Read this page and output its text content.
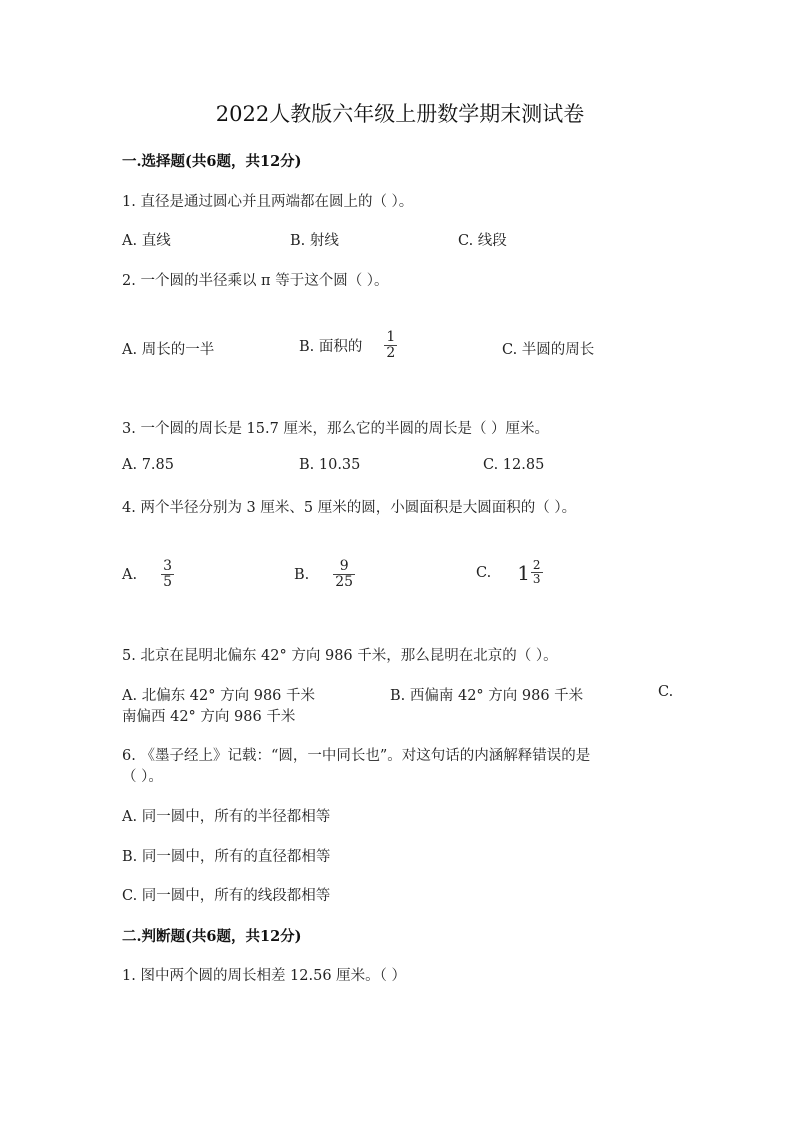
2022人教版六年级上册数学期末测试卷
一.选择题(共6题，共12分)
1. 直径是通过圆心并且两端都在圆上的（ ）。
A. 直线	B. 射线	C. 线段
2. 一个圆的半径乘以 π 等于这个圆（ ）。
A. 周长的一半	B. 面积的 $\frac{1}{2}$	C. 半圆的周长
3. 一个圆的周长是 15.7 厘米，那么它的半圆的周长是（ ）厘米。
A. 7.85	B. 10.35	C. 12.85
4. 两个半径分别为 3 厘米、5 厘米的圆，小圆面积是大圆面积的（ ）。
A. $\frac{3}{5}$	B. $\frac{9}{25}$	C. $1 \frac{2}{3}$
5. 北京在昆明北偏东 42° 方向 986 千米，那么昆明在北京的（ ）。
A. 北偏东 42° 方向 986 千米	B. 西偏南 42° 方向 986 千米	C.
南偏西 42° 方向 986 千米
6. 《墨子经上》记载：“圆，一中同长也”。对这句话的内涵解释错误的是
（ ）。
A. 同一圆中，所有的半径都相等
B. 同一圆中，所有的直径都相等
C. 同一圆中，所有的线段都相等
二.判断题(共6题，共12分)
1. 图中两个圆的周长相差 12.56 厘米。（ ）
